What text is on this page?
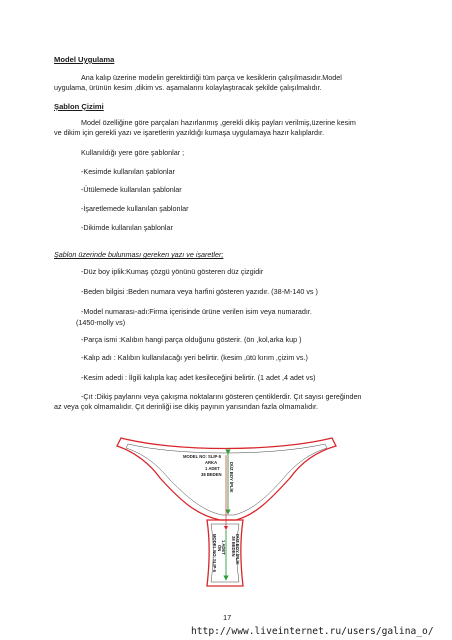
Model Uygulama
Ana kalıp üzerine modelin gerektirdiği tüm parça ve kesiklerin çalışılmasıdır.Model
uygulama, ürünün kesim ,dikim vs. aşamalarını kolaylaştıracak şekilde çalışılmalıdır.
Şablon Çizimi
Model özelliğine göre parçaları hazırlanmış ,gerekli dikiş payları verilmiş,üzerine kesim
ve dikim için gerekli yazı ve işaretlerin yazıldığı kumaşa uygulamaya hazır kalıplardır.
Kullanıldığı yere göre şablonlar ;
-Kesimde kullanılan şablonlar
-Ütülemede kullanılan şablonlar
-İşaretlemede kullanılan şablonlar
-Dikimde kullanılan şablonlar
Şablon üzerinde bulunması gereken yazı ve işaretler;
-Düz boy iplik:Kumaş çözgü yönünü gösteren düz çizgidir
-Beden bilgisi :Beden numara veya harfini gösteren yazıdır. (38-M-140 vs )
-Model numarası-adı:Firma içerisinde ürüne verilen isim veya numaradır.
(1450-molly vs)
-Parça ismi :Kalıbın hangi parça olduğunu gösterir. (ön ,kol,arka kup )
-Kalıp adı : Kalıbın kullanılacağı yeri belirtir. (kesim ,ütü kırım ,çizim vs.)
-Kesim adedi : İlgili kalıpla kaç adet kesileceğini belirtir. (1 adet ,4 adet vs)
-Çıt :Dikiş paylarını veya çakışma noktalarını gösteren çentiklerdir. Çıt sayısı gereğinden
az veya çok olmamalıdır. Çıt derinliği ise dikiş payının yarısından fazla olmamalıdır.
MODEL NO: SLIP-5
ARKA
1 ADET
38 BEDEN DÜZ BOY İPLİK
MODEL NO: SLIP-5 ÖN 1 ADET 38 BEDEN DÜZ BOY İPLİK
17
http://www.liveinternet.ru/users/galina_o/
